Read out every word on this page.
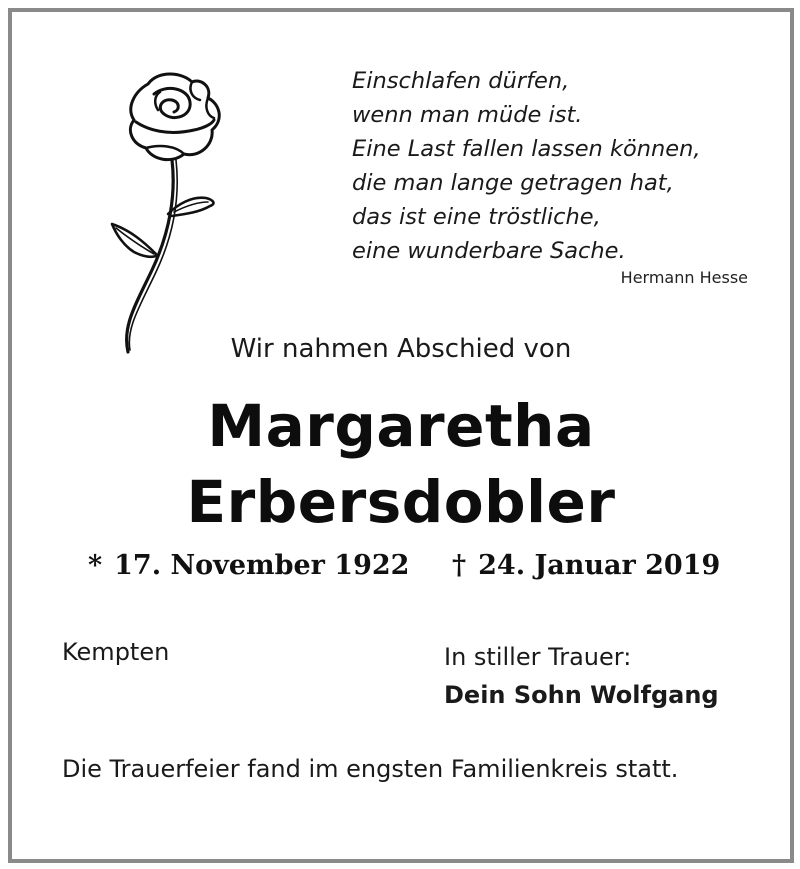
Einschlafen dürfen,
wenn man müde ist.
Eine Last fallen lassen können,
die man lange getragen hat,
das ist eine tröstliche,
eine wunderbare Sache.
Hermann Hesse
Wir nahmen Abschied von
Margaretha
Erbersdobler
* 17. November 1922 † 24. Januar 2019
Kempten	In stiller Trauer:
Dein Sohn Wolfgang
Die Trauerfeier fand im engsten Familienkreis statt.
